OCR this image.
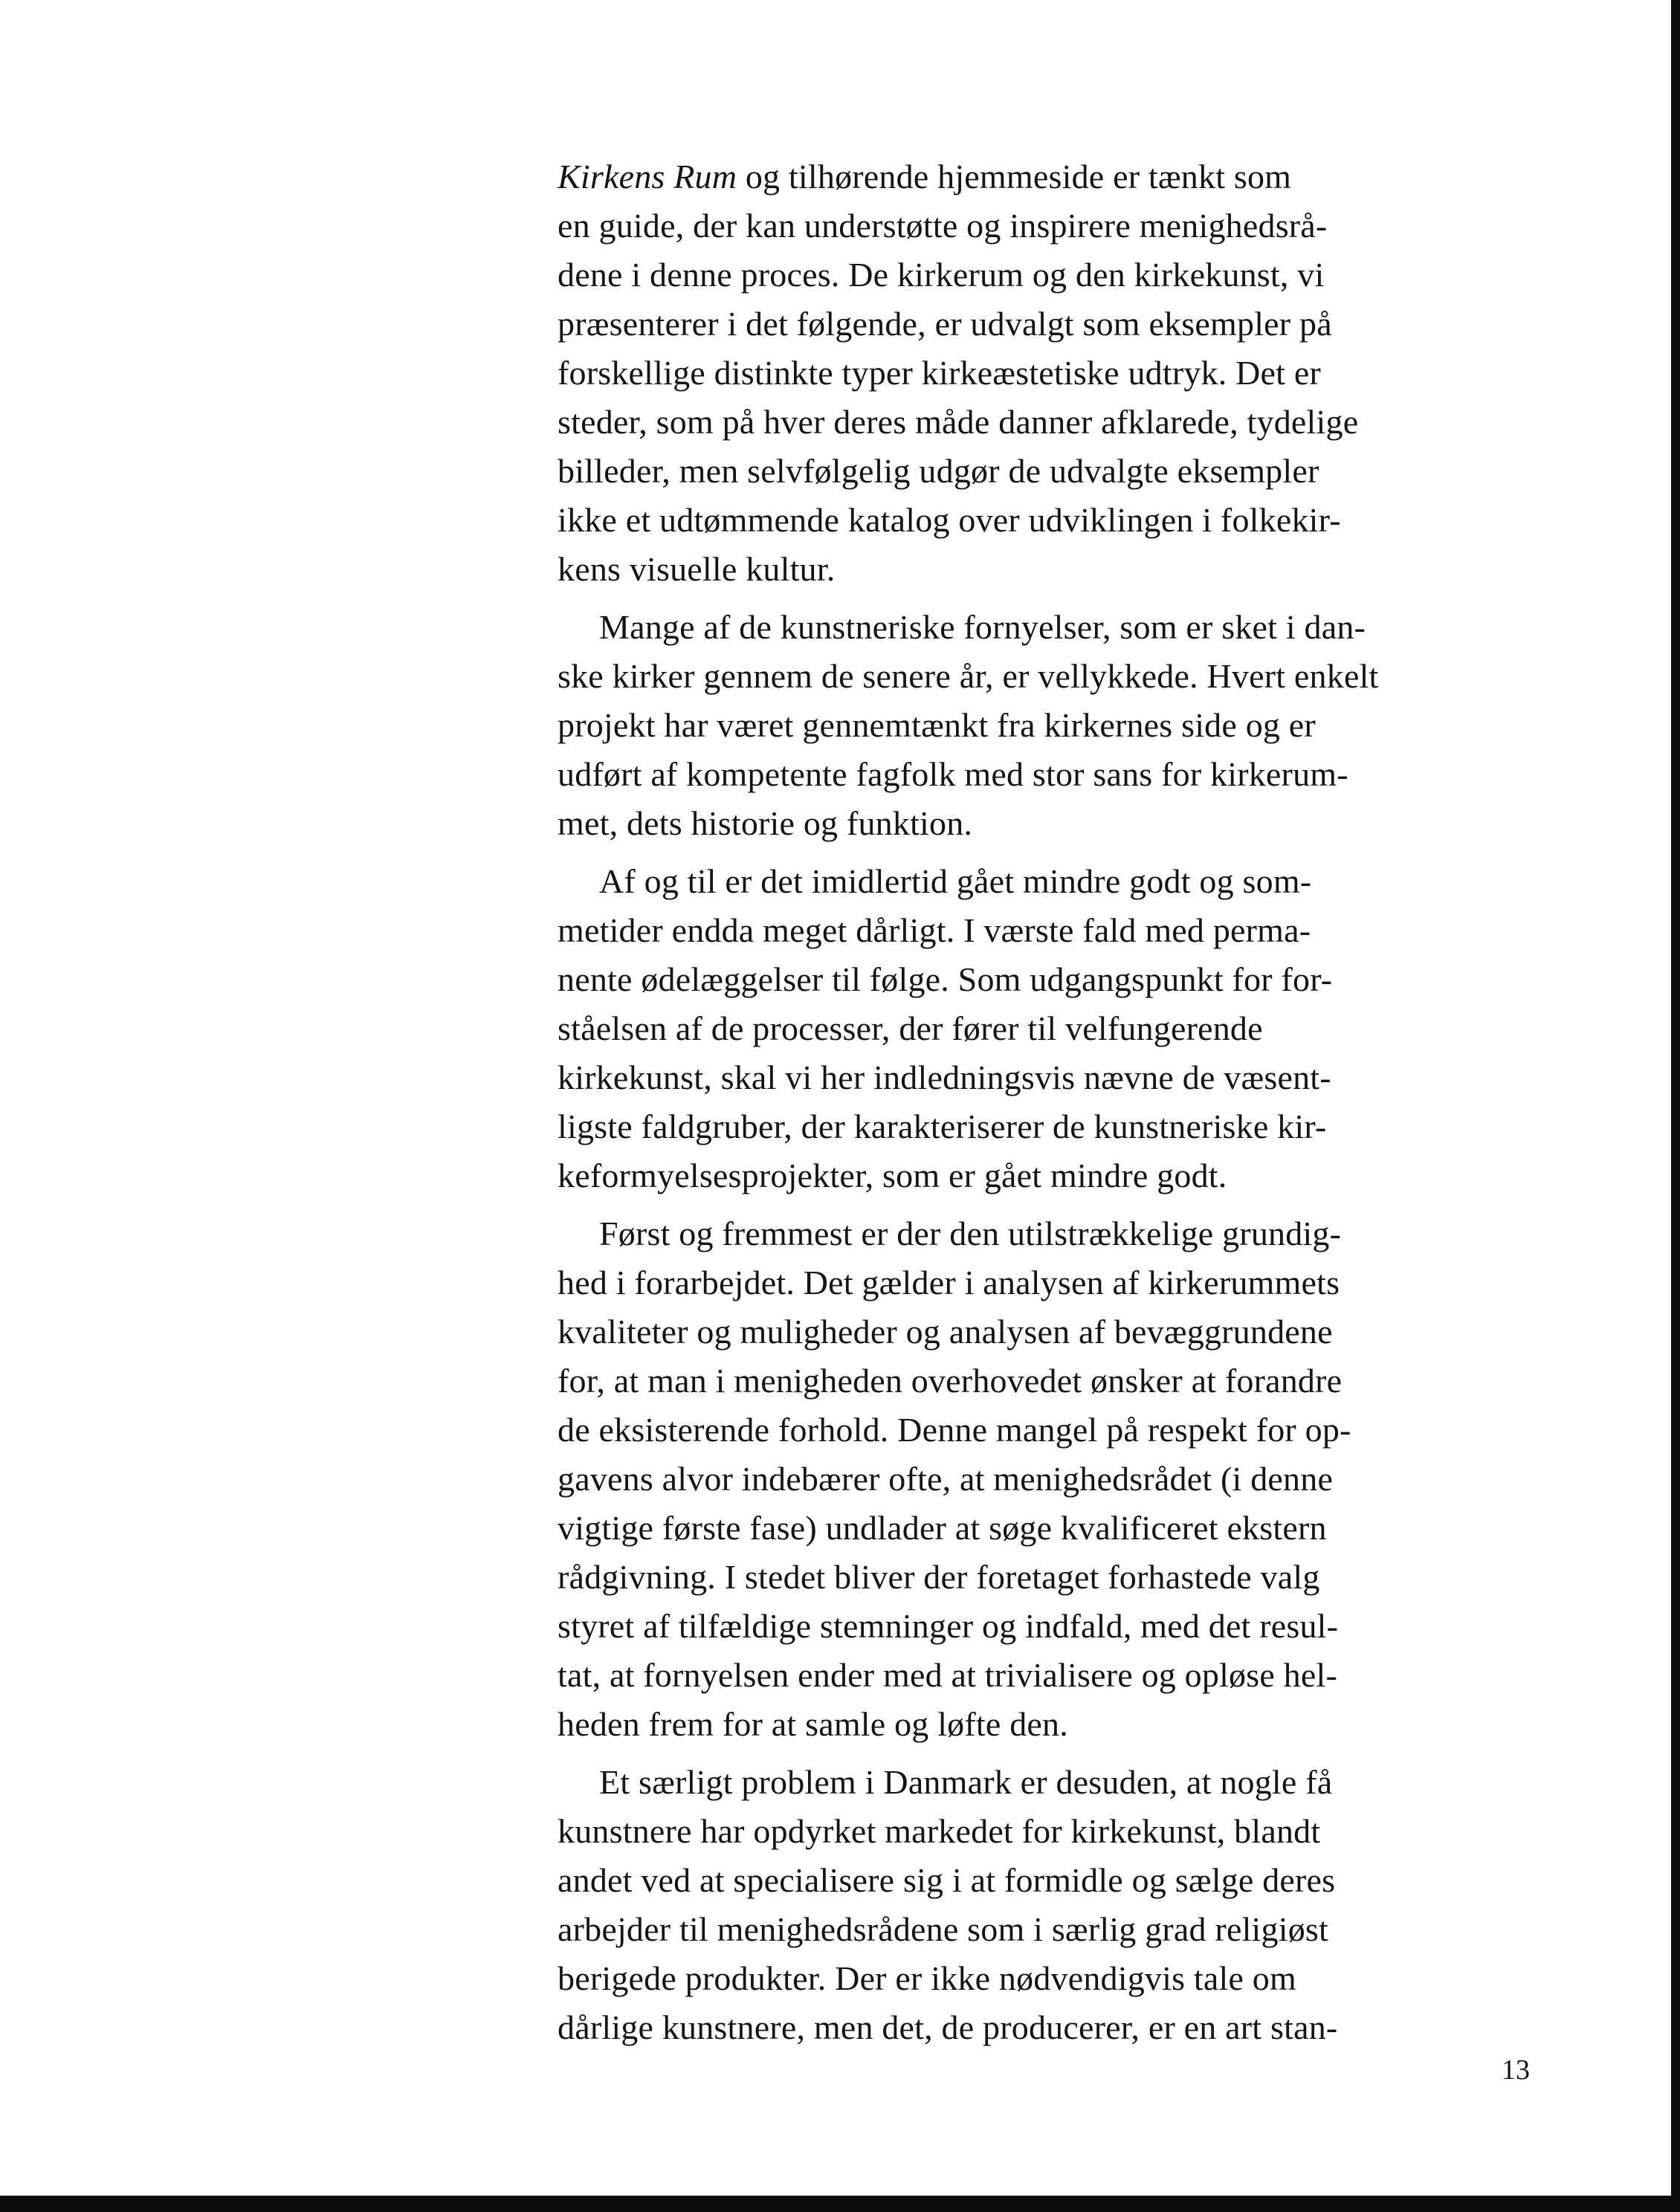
Kirkens Rum og tilhørende hjemmeside er tænkt som
en guide, der kan understøtte og inspirere menighedsrå-
dene i denne proces. De kirkerum og den kirkekunst, vi
præsenterer i det følgende, er udvalgt som eksempler på
forskellige distinkte typer kirkeæstetiske udtryk. Det er
steder, som på hver deres måde danner afklarede, tydelige
billeder, men selvfølgelig udgør de udvalgte eksempler
ikke et udtømmende katalog over udviklingen i folkekir-
kens visuelle kultur.
Mange af de kunstneriske fornyelser, som er sket i dan-
ske kirker gennem de senere år, er vellykkede. Hvert enkelt
projekt har været gennemtænkt fra kirkernes side og er
udført af kompetente fagfolk med stor sans for kirkerum-
met, dets historie og funktion.
Af og til er det imidlertid gået mindre godt og som-
metider endda meget dårligt. I værste fald med perma-
nente ødelæggelser til følge. Som udgangspunkt for for-
ståelsen af de processer, der fører til velfungerende
kirkekunst, skal vi her indledningsvis nævne de væsent-
ligste faldgruber, der karakteriserer de kunstneriske kir-
keformyelsesprojekter, som er gået mindre godt.
Først og fremmest er der den utilstrækkelige grundig-
hed i forarbejdet. Det gælder i analysen af kirkerummets
kvaliteter og muligheder og analysen af bevæggrundene
for, at man i menigheden overhovedet ønsker at forandre
de eksisterende forhold. Denne mangel på respekt for op-
gavens alvor indebærer ofte, at menighedsrådet (i denne
vigtige første fase) undlader at søge kvalificeret ekstern
rådgivning. I stedet bliver der foretaget forhastede valg
styret af tilfældige stemninger og indfald, med det resul-
tat, at fornyelsen ender med at trivialisere og opløse hel-
heden frem for at samle og løfte den.
Et særligt problem i Danmark er desuden, at nogle få
kunstnere har opdyrket markedet for kirkekunst, blandt
andet ved at specialisere sig i at formidle og sælge deres
arbejder til menighedsrådene som i særlig grad religiøst
berigede produkter. Der er ikke nødvendigvis tale om
dårlige kunstnere, men det, de producerer, er en art stan-
13
